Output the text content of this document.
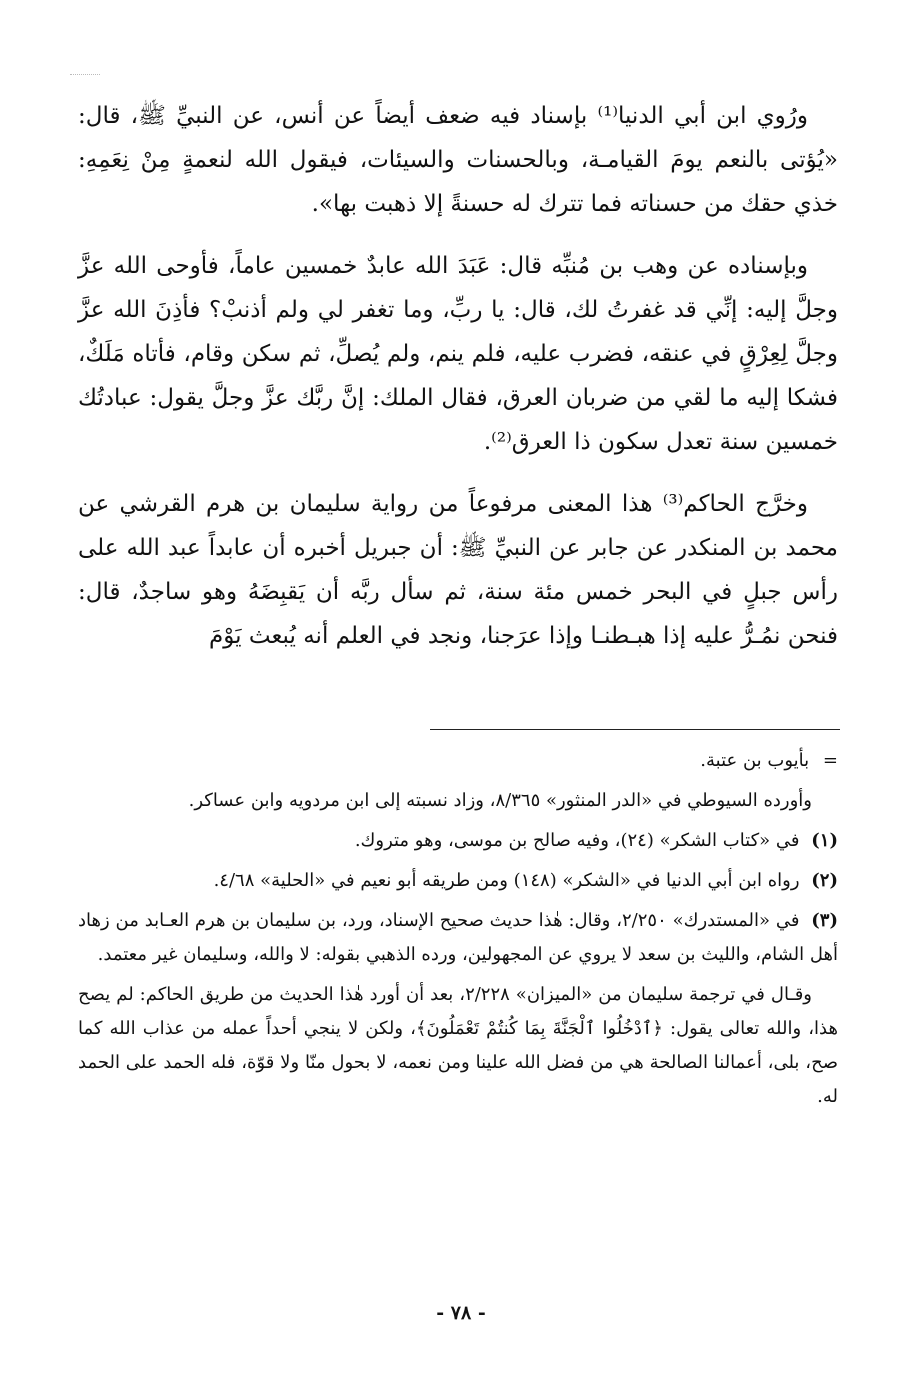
ورُوي ابن أبي الدنيا⁽¹⁾ بإسناد فيه ضعف أيضاً عن أنس، عن النبيِّ ﷺ، قال: «يُؤتى بالنعم يومَ القيامـة، وبالحسنات والسيئات، فيقول الله لنعمةٍ مِنْ نِعَمِهِ: خذي حقك من حسناته فما تترك له حسنةً إلا ذهبت بها».

وبإسناده عن وهب بن مُنبِّه قال: عَبَدَ الله عابدٌ خمسين عاماً، فأوحى الله عزَّ وجلَّ إليه: إنِّي قد غفرتُ لك، قال: يا ربِّ، وما تغفر لي ولم أذنبْ؟ فأذِنَ الله عزَّ وجلَّ لِعِرْقٍ في عنقه، فضرب عليه، فلم ينم، ولم يُصلِّ، ثم سكن وقام، فأتاه مَلَكٌ، فشكا إليه ما لقي من ضربان العرق، فقال الملك: إنَّ ربَّك عزَّ وجلَّ يقول: عبادتُك خمسين سنة تعدل سكون ذا العرق⁽²⁾.

وخرَّج الحاكم⁽³⁾ هذا المعنى مرفوعاً من رواية سليمان بن هرم القرشي عن محمد بن المنكدر عن جابر عن النبيِّ ﷺ: أن جبريل أخبره أن عابداً عبد الله على رأس جبلٍ في البحر خمس مئة سنة، ثم سأل ربَّه أن يَقبِضَهُ وهو ساجدٌ، قال: فنحن نمُـرُّ عليه إذا هبـطنـا وإذا عرَجنا، ونجد في العلم أنه يُبعث يَوْمَ

= بأيوب بن عتبة.

وأورده السيوطي في «الدر المنثور» ٨/٣٦٥، وزاد نسبته إلى ابن مردويه وابن عساكر.

(١) في «كتاب الشكر» (٢٤)، وفيه صالح بن موسى، وهو متروك.

(٢) رواه ابن أبي الدنيا في «الشكر» (١٤٨) ومن طريقه أبو نعيم في «الحلية» ٤/٦٨.

(٣) في «المستدرك» ٢/٢٥٠، وقال: هٰذا حديث صحيح الإسناد، ورد، بن سليمان بن هرم العـابد من زهاد أهل الشام، والليث بن سعد لا يروي عن المجهولين، ورده الذهبي بقوله: لا والله، وسليمان غير معتمد.

وقـال في ترجمة سليمان من «الميزان» ٢/٢٢٨، بعد أن أورد هٰذا الحديث من طريق الحاكم: لم يصح هذا، والله تعالى يقول: ﴿ٱدْخُلُوا ٱلْجَنَّةَ بِمَا كُنتُمْ تَعْمَلُونَ﴾، ولكن لا ينجي أحداً عمله من عذاب الله كما صح، بلى، أعمالنا الصالحة هي من فضل الله علينا ومن نعمه، لا بحول منّا ولا قوّة، فله الحمد على الحمد له.

- ٧٨ -
